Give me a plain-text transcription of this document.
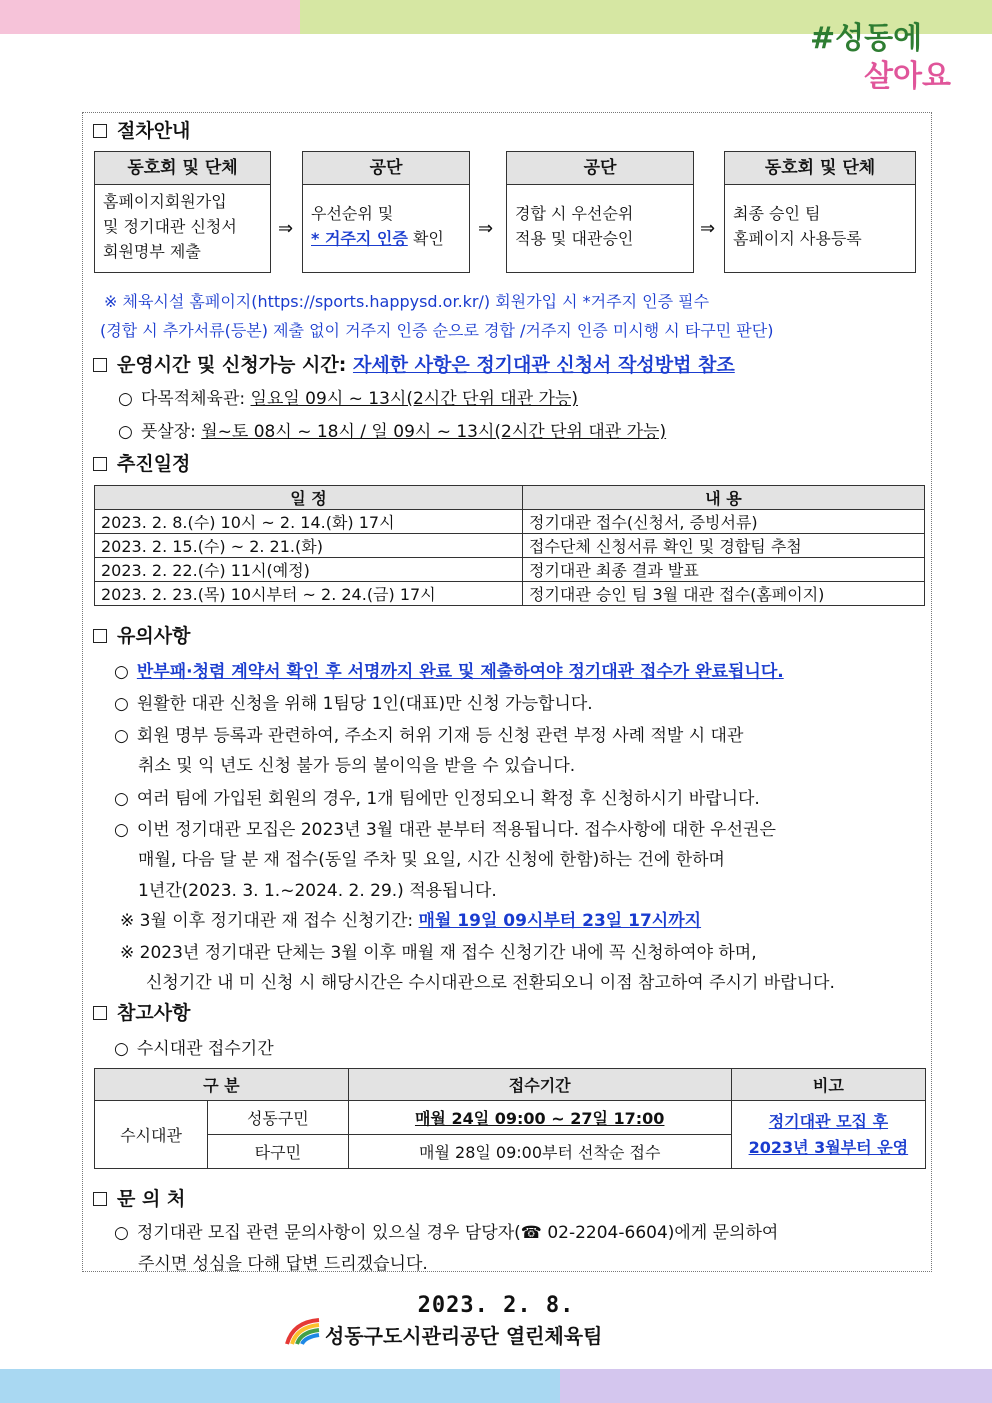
#성동에
살아요
절차안내
동호회 및 단체
홈페이지회원가입
및 정기대관 신청서
회원명부 제출
⇒
공단
우선순위 및
* 거주지 인증 확인	⇒
공단
경합 시 우선순위
적용 및 대관승인	⇒
동호회 및 단체
최종 승인 팀
홈페이지 사용등록
※ 체육시설 홈페이지(https://sports.happysd.or.kr/) 회원가입 시 *거주지 인증 필수
(경합 시 추가서류(등본) 제출 없이 거주지 인증 순으로 경합 /거주지 인증 미시행 시 타구민 판단)
운영시간 및 신청가능 시간: 자세한 사항은 정기대관 신청서 작성방법 참조
○ 다목적체육관: 일요일 09시 ~ 13시(2시간 단위 대관 가능)
○ 풋살장: 월~토 08시 ~ 18시 / 일 09시 ~ 13시(2시간 단위 대관 가능)
추진일정
일 정	내 용
2023. 2. 8.(수) 10시 ~ 2. 14.(화) 17시	정기대관 접수(신청서, 증빙서류)
2023. 2. 15.(수) ~ 2. 21.(화)	접수단체 신청서류 확인 및 경합팀 추첨
2023. 2. 22.(수) 11시(예정)	정기대관 최종 결과 발표
2023. 2. 23.(목) 10시부터 ~ 2. 24.(금) 17시	정기대관 승인 팀 3월 대관 접수(홈페이지)
유의사항
○ 반부패·청렴 계약서 확인 후 서명까지 완료 및 제출하여야 정기대관 접수가 완료됩니다.
○ 원활한 대관 신청을 위해 1팀당 1인(대표)만 신청 가능합니다.
○ 회원 명부 등록과 관련하여, 주소지 허위 기재 등 신청 관련 부정 사례 적발 시 대관
취소 및 익 년도 신청 불가 등의 불이익을 받을 수 있습니다.
○ 여러 팀에 가입된 회원의 경우, 1개 팀에만 인정되오니 확정 후 신청하시기 바랍니다.
○ 이번 정기대관 모집은 2023년 3월 대관 분부터 적용됩니다. 접수사항에 대한 우선권은
매월, 다음 달 분 재 접수(동일 주차 및 요일, 시간 신청에 한함)하는 건에 한하며
1년간(2023. 3. 1.~2024. 2. 29.) 적용됩니다.
※ 3월 이후 정기대관 재 접수 신청기간: 매월 19일 09시부터 23일 17시까지
※ 2023년 정기대관 단체는 3월 이후 매월 재 접수 신청기간 내에 꼭 신청하여야 하며,
신청기간 내 미 신청 시 해당시간은 수시대관으로 전환되오니 이점 참고하여 주시기 바랍니다.
참고사항
○ 수시대관 접수기간
구 분		접수기간	비고
수시대관	성동구민	매월 24일 09:00 ~ 27일 17:00	정기대관 모집 후
2023년 3월부터 운영

	타구민	매월 28일 09:00부터 선착순 접수	
문 의 처
○ 정기대관 모집 관련 문의사항이 있으실 경우 담당자(☎ 02-2204-6604)에게 문의하여
주시면 성심을 다해 답변 드리겠습니다.
2023. 2. 8.
성동구도시관리공단 열린체육팀
